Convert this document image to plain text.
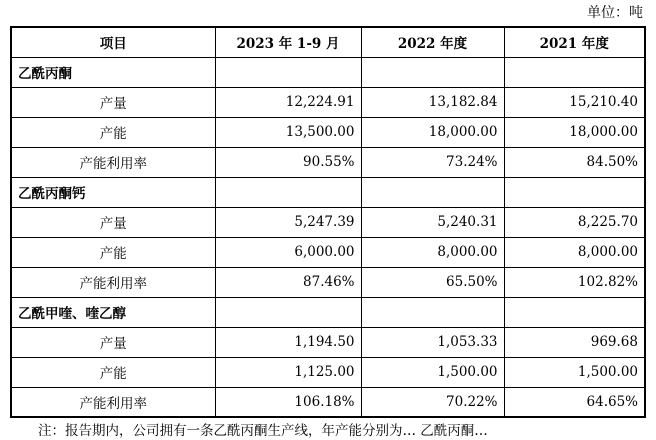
单位：吨
项目	2023 年 1-9 月	2022 年度	2021 年度
乙酰丙酮			
产量	12,224.91	13,182.84	15,210.40
产能	13,500.00	18,000.00	18,000.00
产能利用率	90.55%	73.24%	84.50%
乙酰丙酮钙			
产量	5,247.39	5,240.31	8,225.70
产能	6,000.00	8,000.00	8,000.00
产能利用率	87.46%	65.50%	102.82%
乙酰甲喹、喹乙醇			
产量	1,194.50	1,053.33	969.68
产能	1,125.00	1,500.00	1,500.00
产能利用率	106.18%	70.22%	64.65%
注：报告期内，公司拥有一条乙酰丙酮生产线，年产能分别为… 乙酰丙酮…
